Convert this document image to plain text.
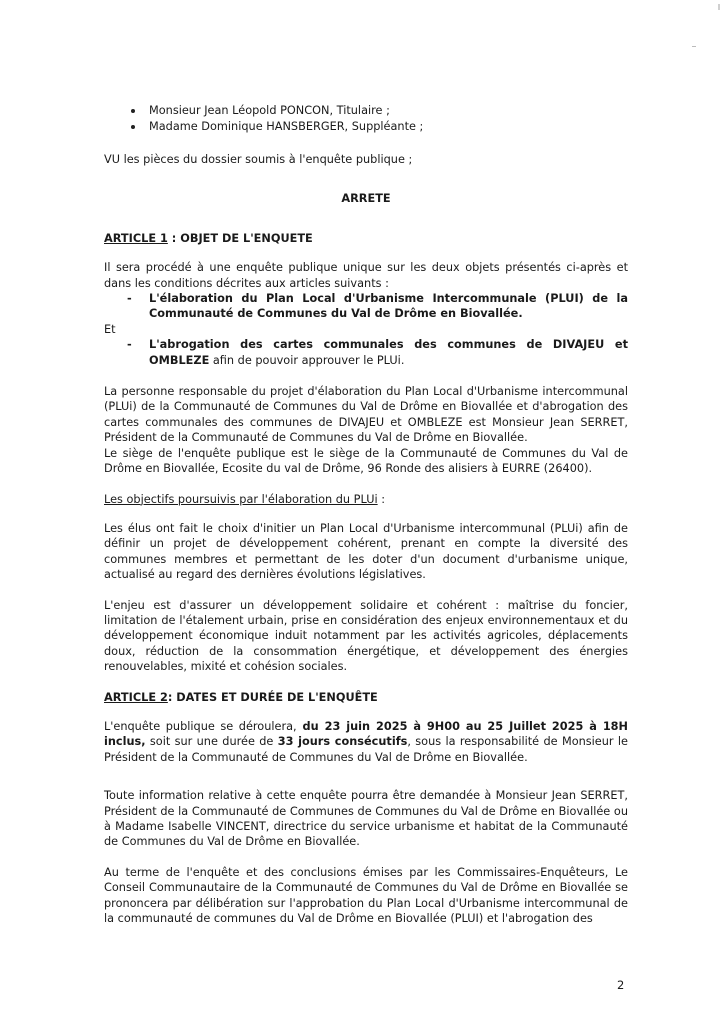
Monsieur Jean Léopold PONCON, Titulaire ;
Madame Dominique HANSBERGER, Suppléante ;

VU les pièces du dossier soumis à l'enquête publique ;

ARRETE

ARTICLE 1 : OBJET DE L'ENQUETE

Il sera procédé à une enquête publique unique sur les deux objets présentés ci-après et dans les conditions décrites aux articles suivants :

- L'élaboration du Plan Local d'Urbanisme Intercommunale (PLUI) de la Communauté de Communes du Val de Drôme en Biovallée.

Et

- L'abrogation des cartes communales des communes de DIVAJEU et OMBLEZE afin de pouvoir approuver le PLUi.

La personne responsable du projet d'élaboration du Plan Local d'Urbanisme intercommunal (PLUi) de la Communauté de Communes du Val de Drôme en Biovallée et d'abrogation des cartes communales des communes de DIVAJEU et OMBLEZE est Monsieur Jean SERRET, Président de la Communauté de Communes du Val de Drôme en Biovallée.

Le siège de l'enquête publique est le siège de la Communauté de Communes du Val de Drôme en Biovallée, Ecosite du val de Drôme, 96 Ronde des alisiers à EURRE (26400).

Les objectifs poursuivis par l'élaboration du PLUi :

Les élus ont fait le choix d'initier un Plan Local d'Urbanisme intercommunal (PLUi) afin de définir un projet de développement cohérent, prenant en compte la diversité des communes membres et permettant de les doter d'un document d'urbanisme unique, actualisé au regard des dernières évolutions législatives.

L'enjeu est d'assurer un développement solidaire et cohérent : maîtrise du foncier, limitation de l'étalement urbain, prise en considération des enjeux environnementaux et du développement économique induit notamment par les activités agricoles, déplacements doux, réduction de la consommation énergétique, et développement des énergies renouvelables, mixité et cohésion sociales.

ARTICLE 2: DATES ET DURÉE DE L'ENQUÊTE

L'enquête publique se déroulera, du 23 juin 2025 à 9H00 au 25 Juillet 2025 à 18H inclus, soit sur une durée de 33 jours consécutifs, sous la responsabilité de Monsieur le Président de la Communauté de Communes du Val de Drôme en Biovallée.

Toute information relative à cette enquête pourra être demandée à Monsieur Jean SERRET, Président de la Communauté de Communes de Communes du Val de Drôme en Biovallée ou à Madame Isabelle VINCENT, directrice du service urbanisme et habitat de la Communauté de Communes du Val de Drôme en Biovallée.

Au terme de l'enquête et des conclusions émises par les Commissaires-Enquêteurs, Le Conseil Communautaire de la Communauté de Communes du Val de Drôme en Biovallée se prononcera par délibération sur l'approbation du Plan Local d'Urbanisme intercommunal de la communauté de communes du Val de Drôme en Biovallée (PLUI) et l'abrogation des

2
